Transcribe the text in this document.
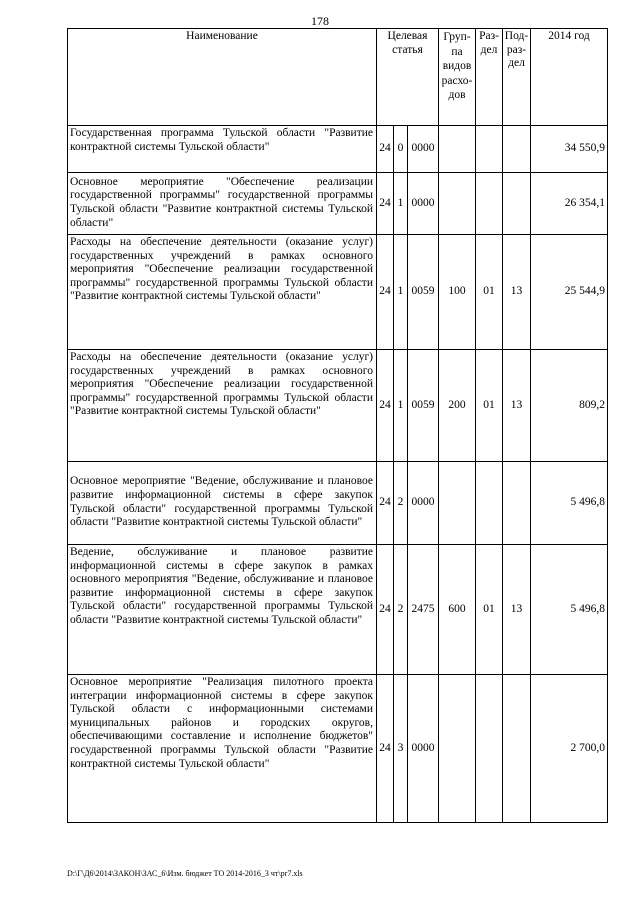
178
Наименование	Целевая статья			Груп-па видов расхо-дов	Раз-дел	Под-раз-дел	2014 год
Государственная программа Тульской области "Развитие контрактной системы Тульской области"	24	0	0000				34 550,9
Основное мероприятие "Обеспечение реализации государственной программы" государственной программы Тульской области "Развитие контрактной системы Тульской области"	24	1	0000				26 354,1
Расходы на обеспечение деятельности (оказание услуг) государственных учреждений в рамках основного мероприятия "Обеспечение реализации государственной программы" государственной программы Тульской области "Развитие контрактной системы Тульской области"	24	1	0059	100	01	13	25 544,9
Расходы на обеспечение деятельности (оказание услуг) государственных учреждений в рамках основного мероприятия "Обеспечение реализации государственной программы" государственной программы Тульской области "Развитие контрактной системы Тульской области"	24	1	0059	200	01	13	809,2
Основное мероприятие "Ведение, обслуживание и плановое развитие информационной системы в сфере закупок Тульской области" государственной программы Тульской области "Развитие контрактной системы Тульской области"	24	2	0000				5 496,8
Ведение, обслуживание и плановое развитие информационной системы в сфере закупок в рамках основного мероприятия "Ведение, обслуживание и плановое развитие информационной системы в сфере закупок Тульской области" государственной программы Тульской области "Развитие контрактной системы Тульской области"	24	2	2475	600	01	13	5 496,8
Основное мероприятие "Реализация пилотного проекта интеграции информационной системы в сфере закупок Тульской области с информационными системами муниципальных районов и городских округов, обеспечивающими составление и исполнение бюджетов" государственной программы Тульской области "Развитие контрактной системы Тульской области"	24	3	0000				2 700,0
D:\Г\Д6\2014\ЗАКОН\ЗАС_6\Изм. бюджет ТО 2014-2016_3 чт\pr7.xls
